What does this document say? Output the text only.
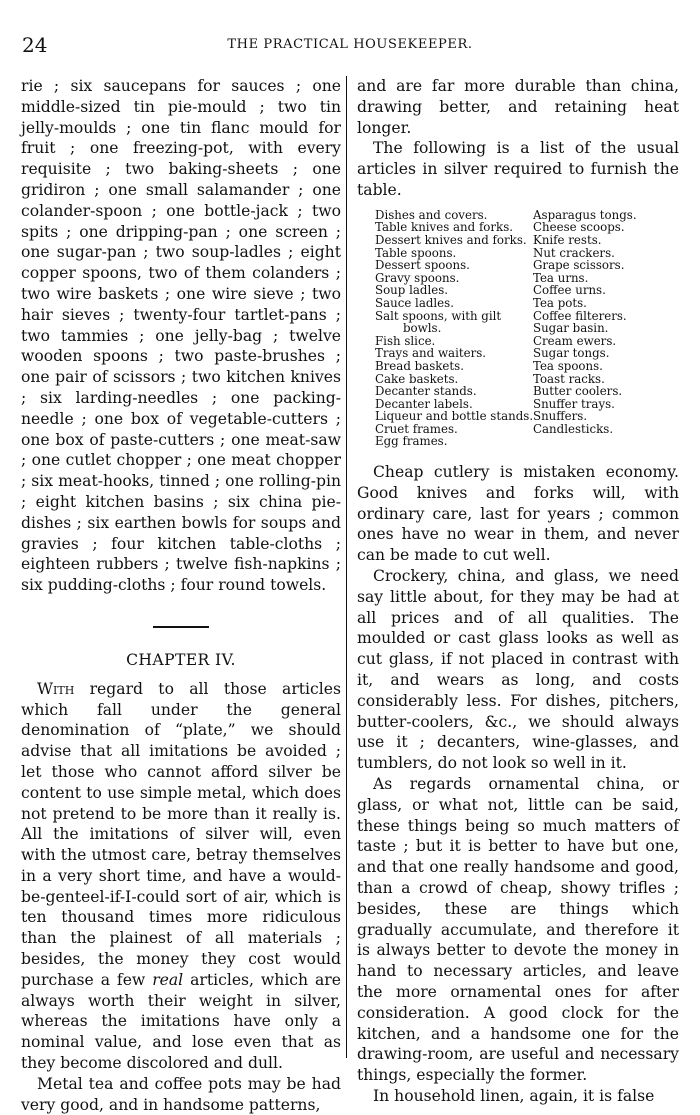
24	THE PRACTICAL HOUSEKEEPER.

rie ; six saucepans for sauces ; one middle-sized tin pie-mould ; two tin jelly-moulds ; one tin flanc mould for fruit ; one freezing-pot, with every requisite ; two baking-sheets ; one gridiron ; one small salamander ; one colander-spoon ; one bottle-jack ; two spits ; one dripping-pan ; one screen ; one sugar-pan ; two soup-ladles ; eight copper spoons, two of them colanders ; two wire baskets ; one wire sieve ; two hair sieves ; twenty-four tartlet-pans ; two tammies ; one jelly-bag ; twelve wooden spoons ; two paste-brushes ; one pair of scissors ; two kitchen knives ; six larding-needles ; one packing-needle ; one box of vegetable-cutters ; one box of paste-cutters ; one meat-saw ; one cutlet chopper ; one meat chopper ; six meat-hooks, tinned ; one rolling-pin ; eight kitchen basins ; six china pie-dishes ; six earthen bowls for soups and gravies ; four kitchen table-cloths ; eighteen rubbers ; twelve fish-napkins ; six pudding-cloths ; four round towels.

CHAPTER IV.

With regard to all those articles which fall under the general denomination of “plate,” we should advise that all imitations be avoided ; let those who cannot afford silver be content to use simple metal, which does not pretend to be more than it really is. All the imitations of silver will, even with the utmost care, betray themselves in a very short time, and have a would-be-genteel-if-I-could sort of air, which is ten thousand times more ridiculous than the plainest of all materials ; besides, the money they cost would purchase a few real articles, which are always worth their weight in silver, whereas the imitations have only a nominal value, and lose even that as they become discolored and dull.

Metal tea and coffee pots may be had very good, and in handsome patterns,

and are far more durable than china, drawing better, and retaining heat longer.

The following is a list of the usual articles in silver required to furnish the table.

Dishes and covers.	Asparagus tongs.
Table knives and forks.	Cheese scoops.
Dessert knives and forks. Knife rests.
Table spoons.	Nut crackers.
Dessert spoons.	Grape scissors.
Gravy spoons.	Tea urns.
Soup ladles.	Coffee urns.
Sauce ladles.	Tea pots.
Salt spoons, with gilt	Coffee filterers.
bowls.	Sugar basin.
Fish slice.	Cream ewers.
Trays and waiters.	Sugar tongs.
Bread baskets.	Tea spoons.
Cake baskets.	Toast racks.
Decanter stands.	Butter coolers.
Decanter labels.	Snuffer trays.
Liqueur and bottle stands. Snuffers.
Cruet frames.	Candlesticks.
Egg frames.

Cheap cutlery is mistaken economy. Good knives and forks will, with ordinary care, last for years ; common ones have no wear in them, and never can be made to cut well.

Crockery, china, and glass, we need say little about, for they may be had at all prices and of all qualities. The moulded or cast glass looks as well as cut glass, if not placed in contrast with it, and wears as long, and costs considerably less. For dishes, pitchers, butter-coolers, &c., we should always use it ; decanters, wine-glasses, and tumblers, do not look so well in it.

As regards ornamental china, or glass, or what not, little can be said, these things being so much matters of taste ; but it is better to have but one, and that one really handsome and good, than a crowd of cheap, showy trifles ; besides, these are things which gradually accumulate, and therefore it is always better to devote the money in hand to necessary articles, and leave the more ornamental ones for after consideration. A good clock for the kitchen, and a handsome one for the drawing-room, are useful and necessary things, especially the former.

In household linen, again, it is false
